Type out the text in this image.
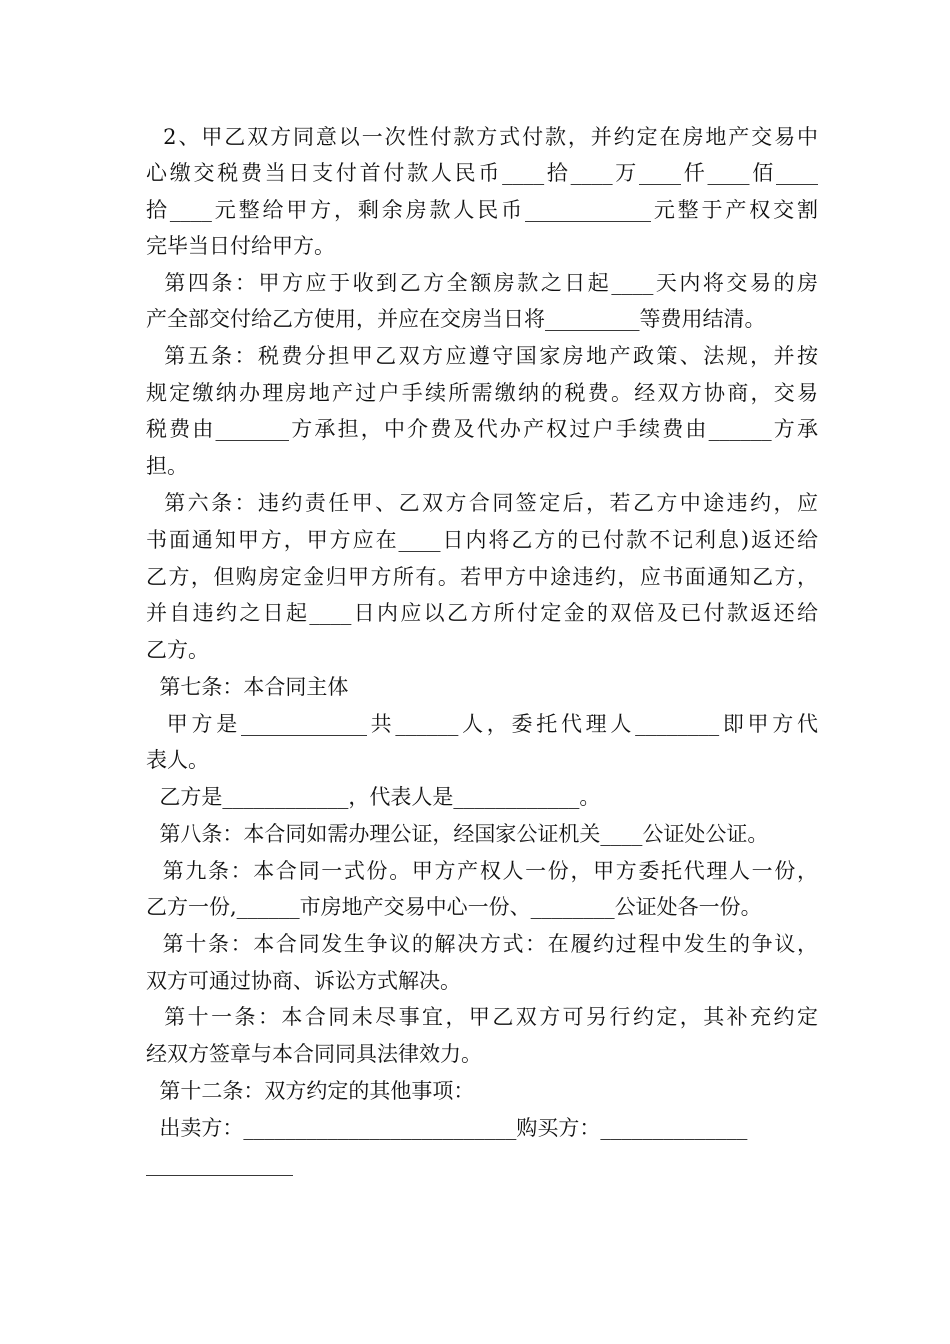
2、甲乙双方同意以一次性付款方式付款，并约定在房地产交易中
心缴交税费当日支付首付款人民币____拾____万____仟____佰____
拾____元整给甲方，剩余房款人民币____________元整于产权交割
完毕当日付给甲方。
第四条：甲方应于收到乙方全额房款之日起____天内将交易的房
产全部交付给乙方使用，并应在交房当日将_________等费用结清。
第五条：税费分担甲乙双方应遵守国家房地产政策、法规，并按
规定缴纳办理房地产过户手续所需缴纳的税费。经双方协商，交易
税费由_______方承担，中介费及代办产权过户手续费由______方承
担。
第六条：违约责任甲、乙双方合同签定后，若乙方中途违约，应
书面通知甲方，甲方应在____日内将乙方的已付款不记利息)返还给
乙方，但购房定金归甲方所有。若甲方中途违约，应书面通知乙方，
并自违约之日起____日内应以乙方所付定金的双倍及已付款返还给
乙方。
第七条：本合同主体
甲方是____________共______人，委托代理人________即甲方代
表人。
乙方是____________，代表人是____________。
第八条：本合同如需办理公证，经国家公证机关____公证处公证。
第九条：本合同一式份。甲方产权人一份，甲方委托代理人一份，
乙方一份,______市房地产交易中心一份、________公证处各一份。
第十条：本合同发生争议的解决方式：在履约过程中发生的争议，
双方可通过协商、诉讼方式解决。
第十一条：本合同未尽事宜，甲乙双方可另行约定，其补充约定
经双方签章与本合同同具法律效力。
第十二条：双方约定的其他事项：
出卖方：__________________________购买方：______________
______________
